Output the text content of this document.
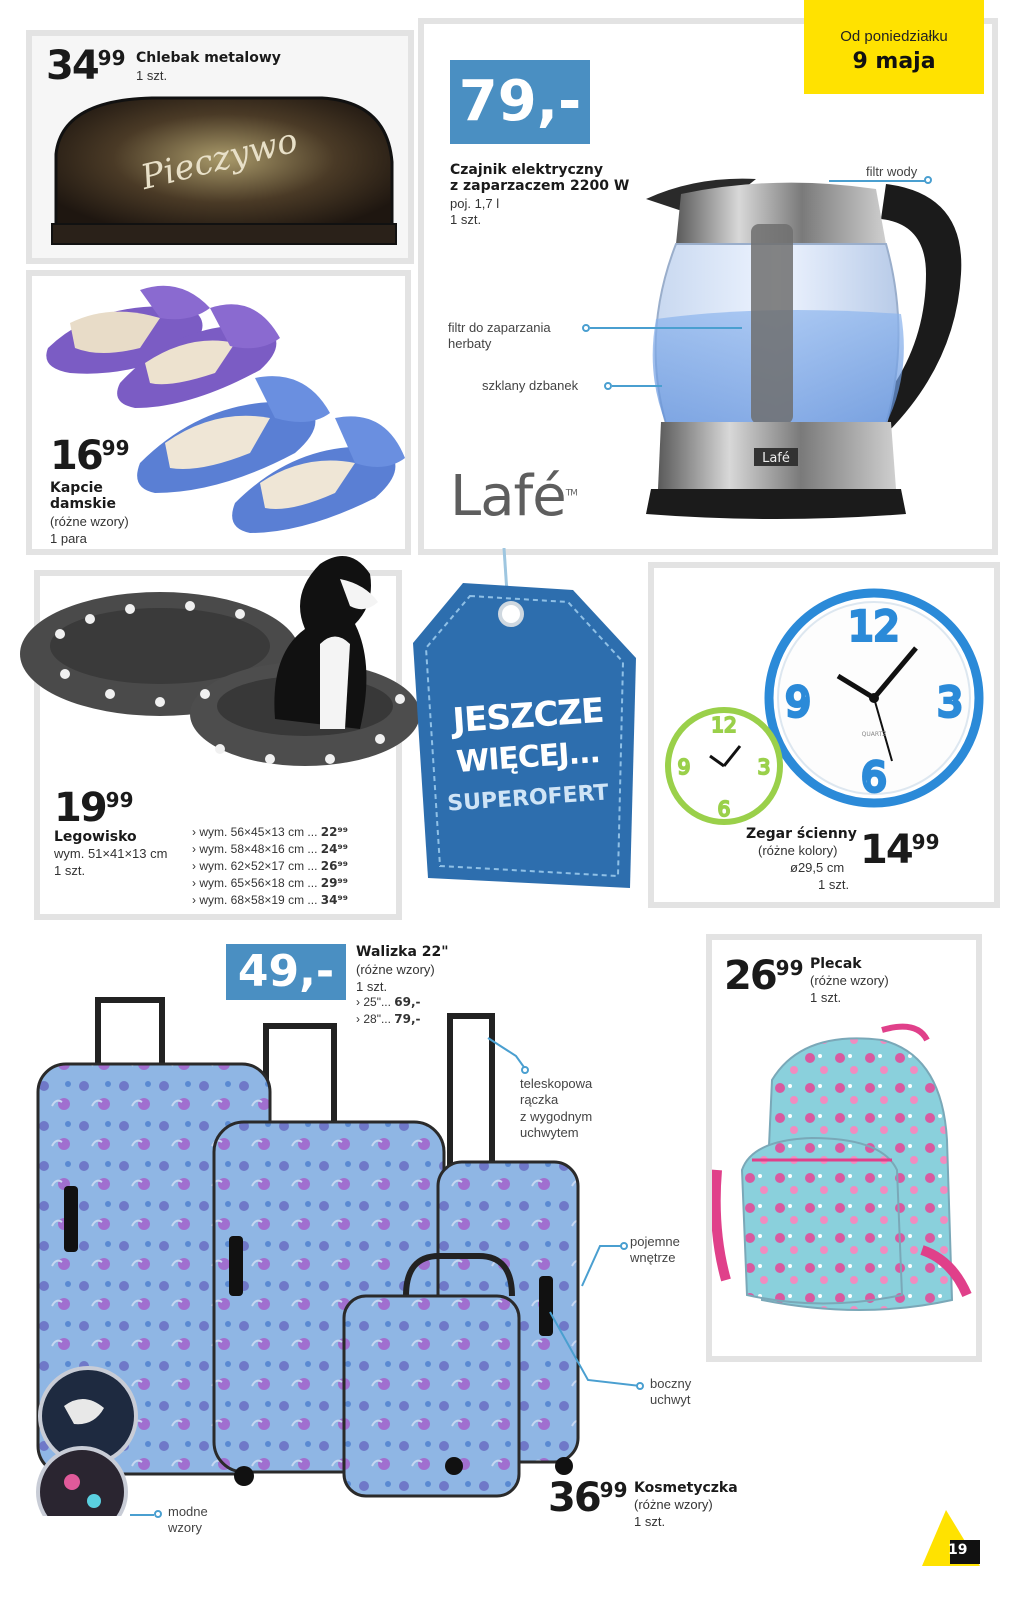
3499 Chlebak metalowy
1 szt.
Pieczywo
1699
Kapcie
damskie
(różne wzory)
1 para
79,-
Czajnik elektryczny
z zaparzaczem 2200 W
poj. 1,7 l
1 szt.
Lafé
filtr wody
filtr do zaparzania
herbaty
szklany dzbanek
Lafé™
Od poniedziałku
9 maja
1999
Legowisko
wym. 51×41×13 cm
1 szt.
› wym. 56×45×13 cm ... 22⁹⁹
› wym. 58×48×16 cm ... 24⁹⁹
› wym. 62×52×17 cm ... 26⁹⁹
› wym. 65×56×18 cm ... 29⁹⁹
› wym. 68×58×19 cm ... 34⁹⁹
JESZCZE
WIĘCEJ...
SUPEROFERT
12
3
6
9
12
3
6
9
QUARTZ
Zegar ścienny
(różne kolory)
ø29,5 cm
1 szt.
1499
49,-	Walizka 22"
(różne wzory)
1 szt.
› 25"... 69,-
› 28"... 79,-
teleskopowa
rączka
z wygodnym
uchwytem
pojemne
wnętrze
boczny
uchwyt
modne
wzory
3699 Kosmetyczka
(różne wzory)
1 szt.
2699 Plecak
(różne wzory)
1 szt.
19
